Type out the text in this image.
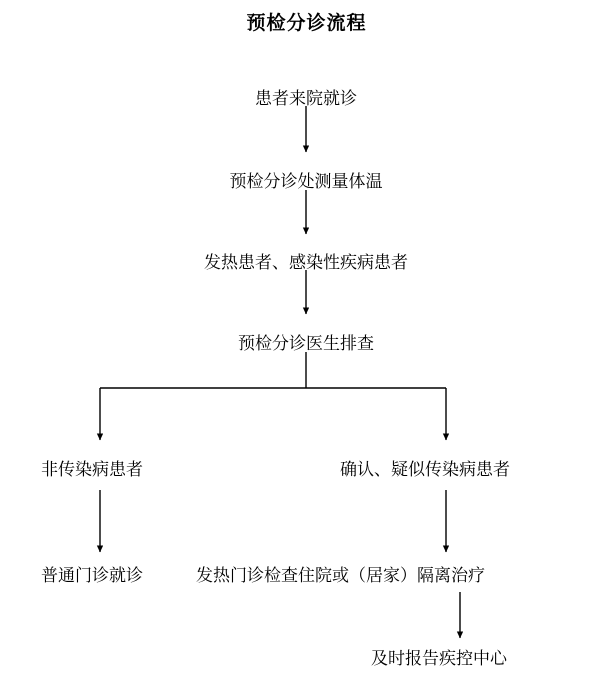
预检分诊流程
患者来院就诊
预检分诊处测量体温
发热患者、感染性疾病患者
预检分诊医生排查
非传染病患者	确认、疑似传染病患者
普通门诊就诊	发热门诊检查住院或（居家）隔离治疗
及时报告疾控中心
